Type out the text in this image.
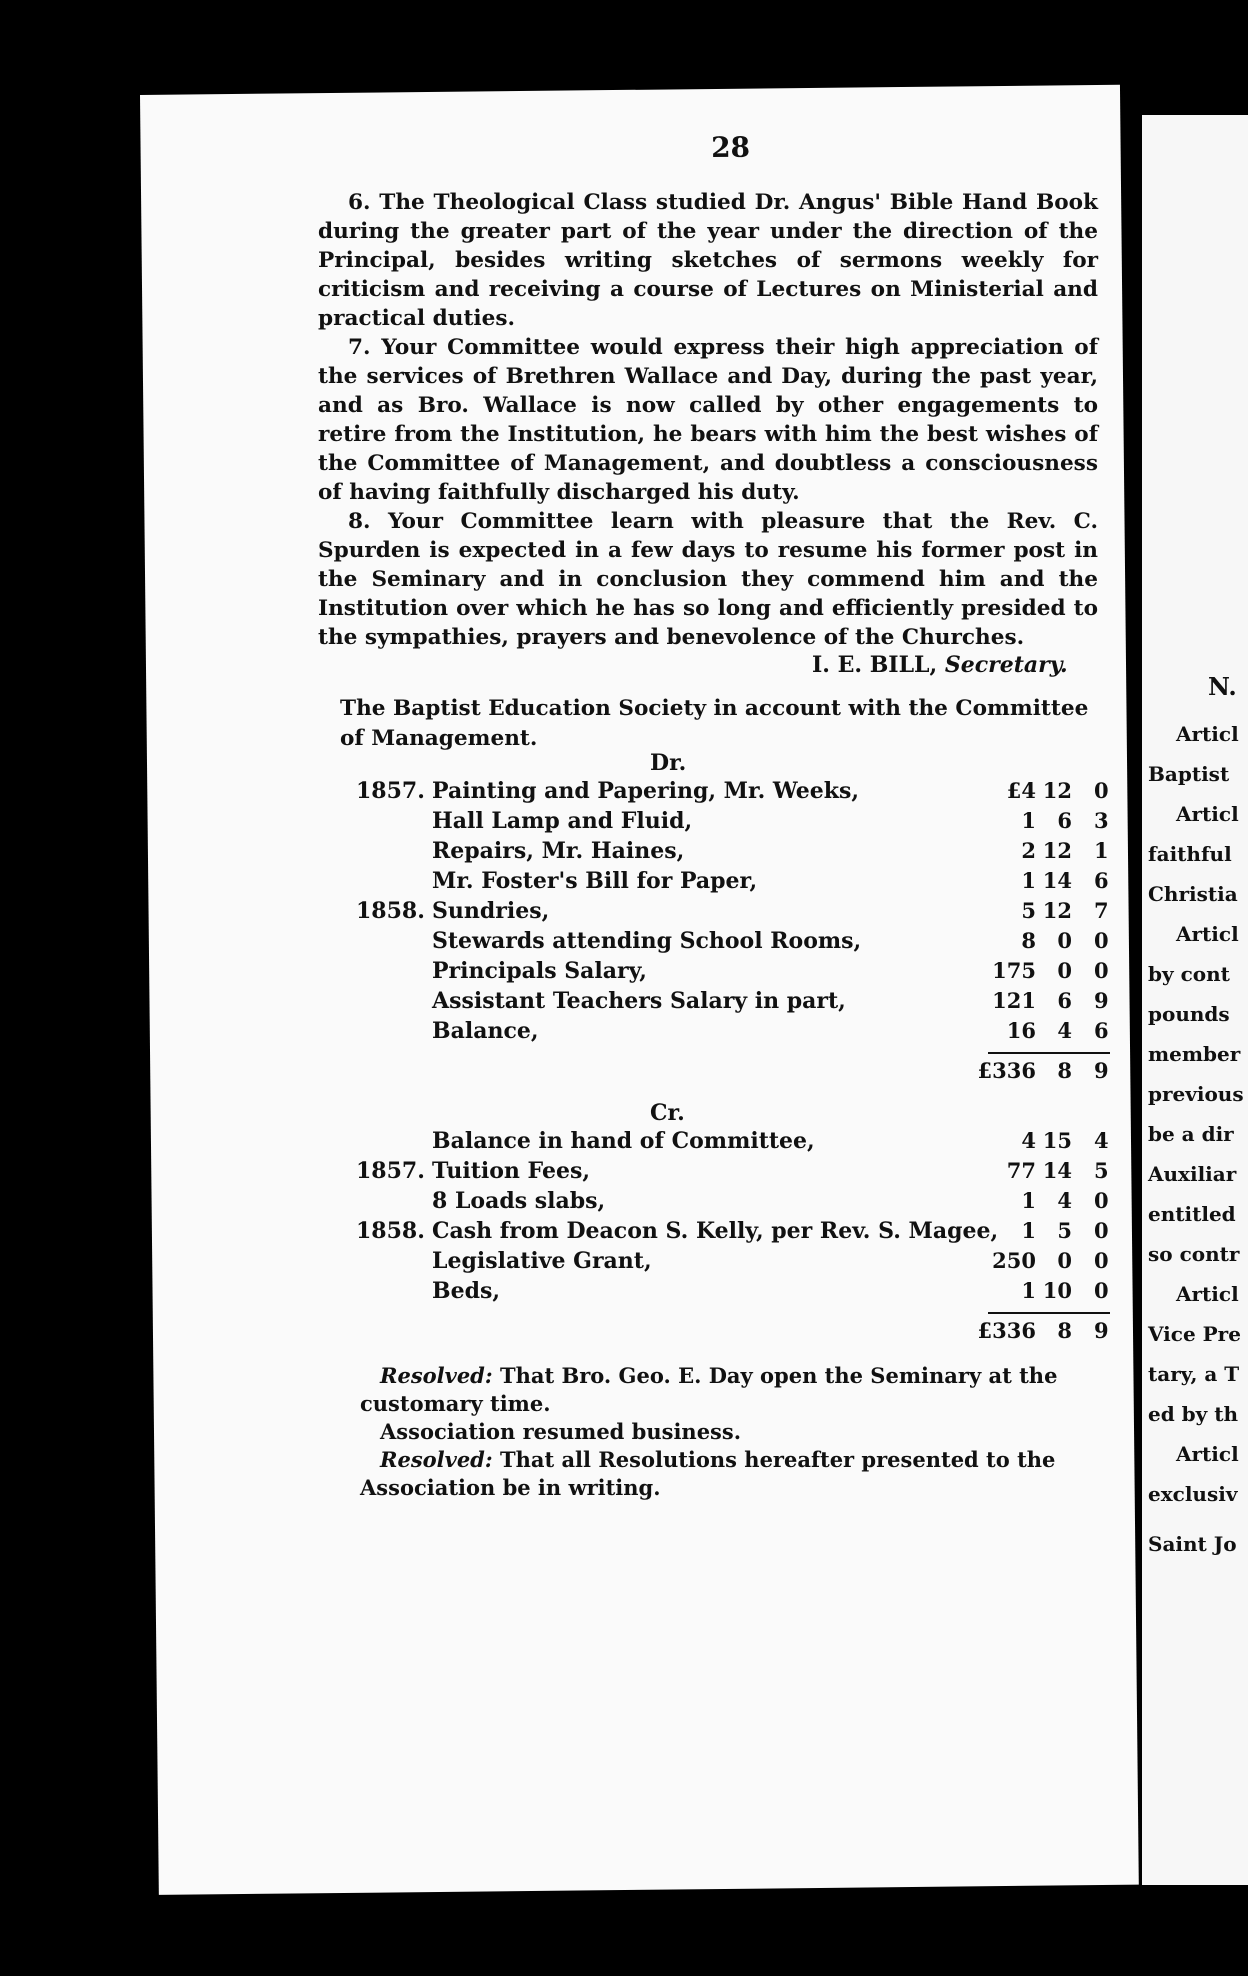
28
N.
Articl
Baptist
Articl
faithful
Christia
Articl
by cont
pounds
member
previous
be a dir
Auxiliar
entitled
so contr
Articl
Vice Pre
tary, a T
ed by th
Articl
exclusiv
Saint Jo

6. The Theological Class studied Dr. Angus' Bible Hand Book during the greater part of the year under the direction of the Principal, besides writing sketches of sermons weekly for criticism and receiving a course of Lectures on Ministerial and practical duties.

7. Your Committee would express their high appreciation of the services of Brethren Wallace and Day, during the past year, and as Bro. Wallace is now called by other engagements to retire from the Institution, he bears with him the best wishes of the Committee of Management, and doubtless a consciousness of having faithfully discharged his duty.

8. Your Committee learn with pleasure that the Rev. C. Spurden is expected in a few days to resume his former post in the Seminary and in conclusion they commend him and the Institution over which he has so long and efficiently presided to the sympathies, prayers and benevolence of the Churches.

I. E. BILL, Secretary.
The Baptist Education Society in account with the Committee of Management.
Dr.
1857. Painting and Papering, Mr. Weeks,	£4 12 0
Hall Lamp and Fluid,	1	6 3
Repairs, Mr. Haines,	2 12 1
Mr. Foster's Bill for Paper,	1 14 6
1858. Sundries,	5 12 7
Stewards attending School Rooms,	8	0 0
Principals Salary,	175	0 0
Assistant Teachers Salary in part,	121	6 9
Balance,	16	4 6
£336	8 9
Cr.
Balance in hand of Committee,	4 15 4
1857. Tuition Fees,	77 14 5
8 Loads slabs,	1	4 0
1858. Cash from Deacon S. Kelly, per Rev. S. Magee,	1	5 0
Legislative Grant,	250	0 0
Beds,	1 10 0
£336	8 9

Resolved: That Bro. Geo. E. Day open the Seminary at the customary time.

Association resumed business.

Resolved: That all Resolutions hereafter presented to the Association be in writing.
